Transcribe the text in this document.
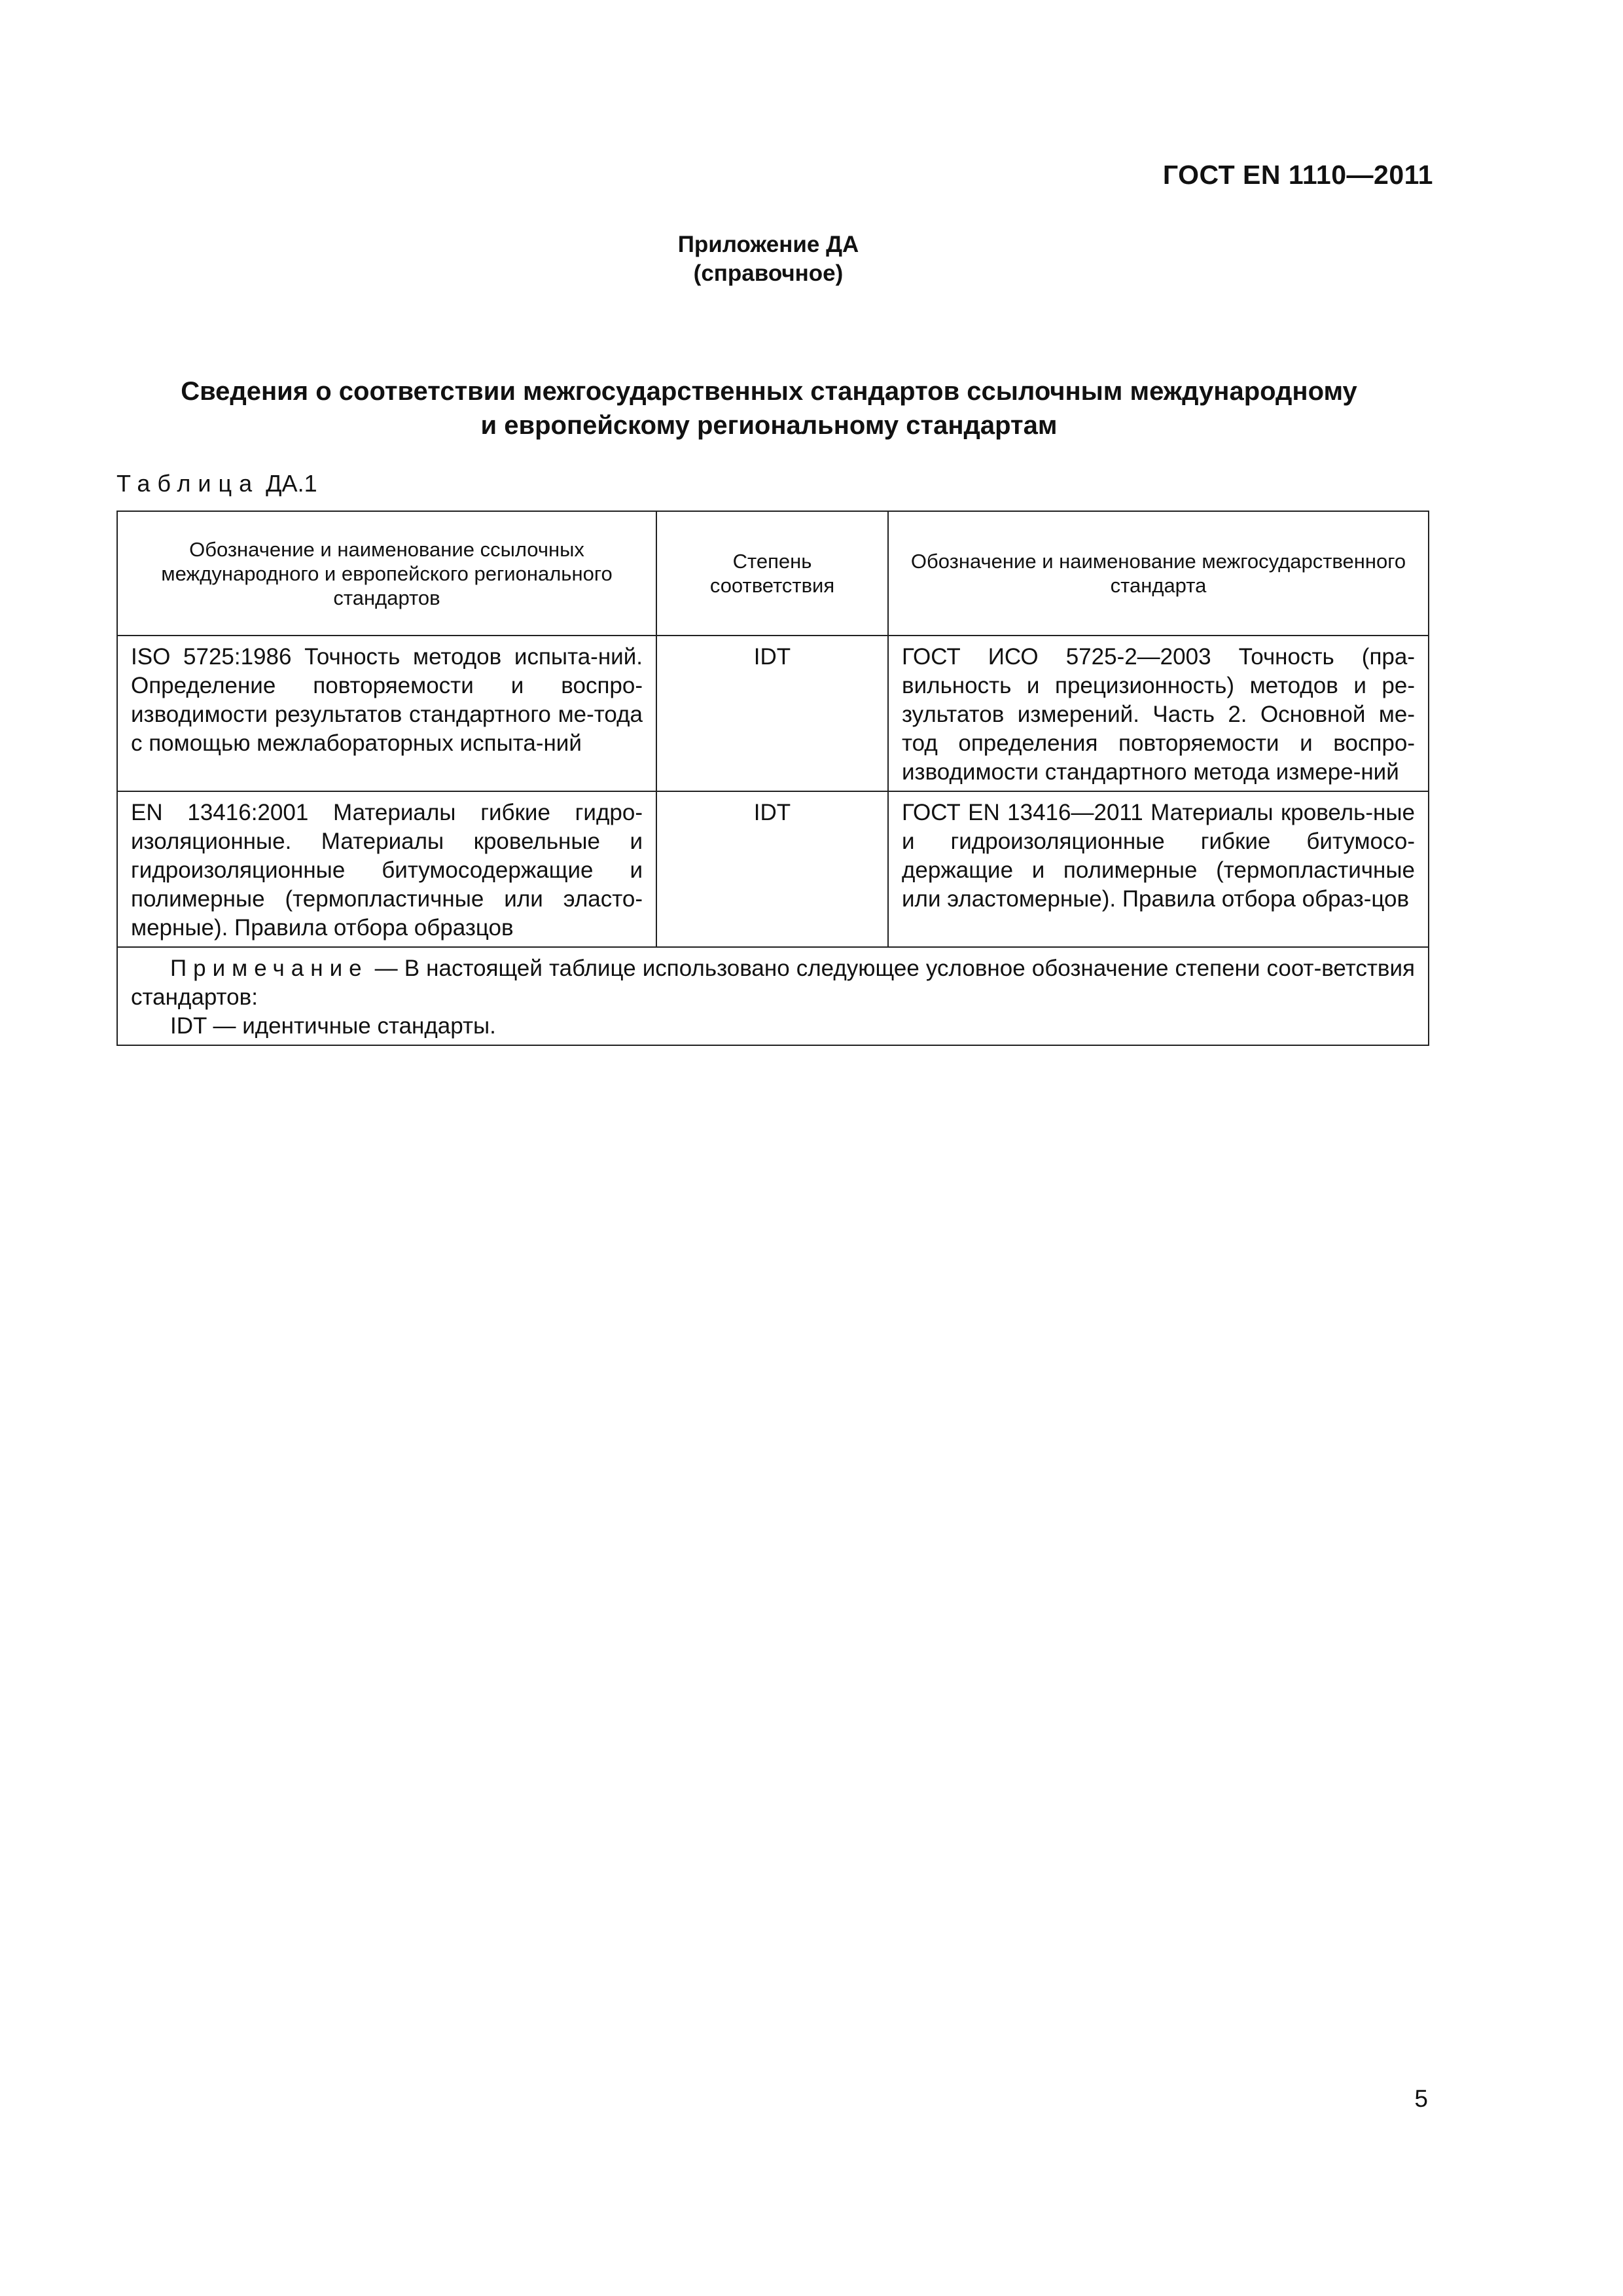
ГОСТ EN 1110—2011
Приложение ДА
(справочное)
Сведения о соответствии межгосударственных стандартов ссылочным международному
и европейскому региональному стандартам
Таблица ДА.1
Обозначение и наименование ссылочных международного и европейского регионального стандартов	Степень соответствия	Обозначение и наименование межгосударственного стандарта
ISO 5725:1986 Точность методов испыта-ний. Определение повторяемости и воспро-изводимости результатов стандартного ме-тода с помощью межлабораторных испыта-ний	IDT	ГОСТ ИСО 5725-2—2003 Точность (пра-вильность и прецизионность) методов и ре-зультатов измерений. Часть 2. Основной ме-тод определения повторяемости и воспро-изводимости стандартного метода измере-ний
EN 13416:2001 Материалы гибкие гидро-изоляционные. Материалы кровельные и гидроизоляционные битумосодержащие и полимерные (термопластичные или эласто-мерные). Правила отбора образцов	IDT	ГОСТ EN 13416—2011 Материалы кровель-ные и гидроизоляционные гибкие битумосо-держащие и полимерные (термопластичные или эластомерные). Правила отбора образ-цов

Примечание — В настоящей таблице использовано следующее условное обозначение степени соот-ветствия стандартов:
IDT — идентичные стандарты.		
5
